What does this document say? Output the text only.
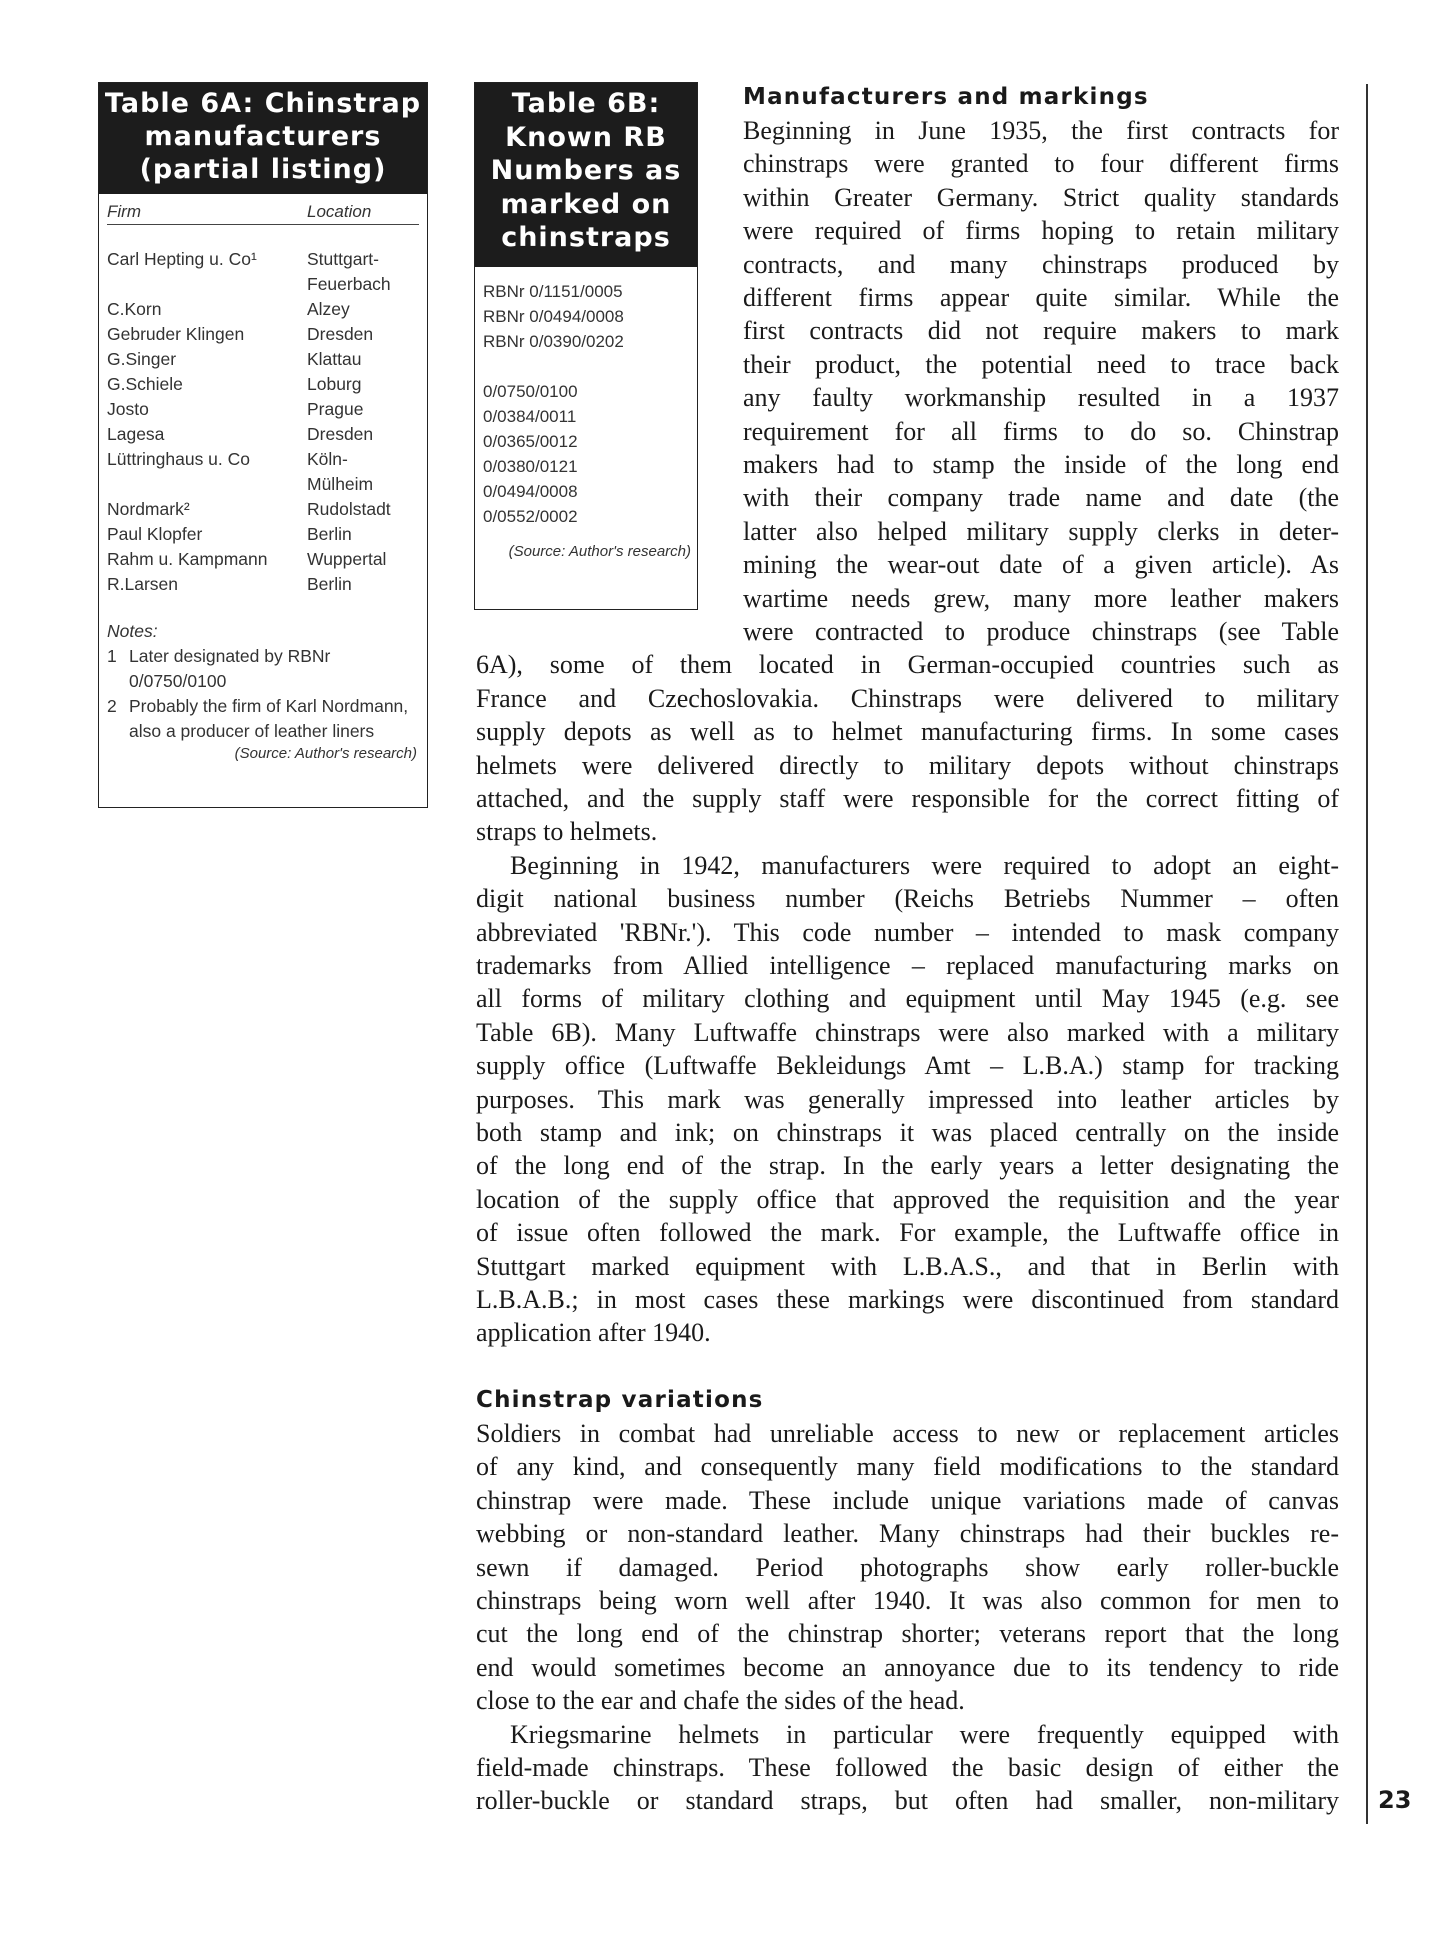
Table 6A: Chinstrap manufacturers (partial listing)
Firm	Location
Carl Hepting u. Co¹	Stuttgart-
Feuerbach
C.Korn	Alzey
Gebruder Klingen	Dresden
G.Singer	Klattau
G.Schiele	Loburg
Josto	Prague
Lagesa	Dresden
Lüttringhaus u. Co	Köln-
Mülheim
Nordmark²	Rudolstadt
Paul Klopfer	Berlin
Rahm u. Kampmann	Wuppertal
R.Larsen	Berlin
Notes:
1 Later designated by RBNr 0/0750/0100
2 Probably the firm of Karl Nordmann, also a producer of leather liners
(Source: Author's research)
Table 6B: Known RB Numbers as marked on chinstraps
RBNr 0/1151/0005
RBNr 0/0494/0008
RBNr 0/0390/0202
0/0750/0100
0/0384/0011
0/0365/0012
0/0380/0121
0/0494/0008
0/0552/0002
(Source: Author's research)
Manufacturers and markings
Chinstrap variations
Beginning in June 1935, the first contracts for
chinstraps were granted to four different firms
within Greater Germany. Strict quality standards
were required of firms hoping to retain military
contracts, and many chinstraps produced by
different firms appear quite similar. While the
first contracts did not require makers to mark
their product, the potential need to trace back
any faulty workmanship resulted in a 1937
requirement for all firms to do so. Chinstrap
makers had to stamp the inside of the long end
with their company trade name and date (the
latter also helped military supply clerks in deter-
mining the wear-out date of a given article). As
wartime needs grew, many more leather makers
were contracted to produce chinstraps (see Table
6A), some of them located in German-occupied countries such as
France and Czechoslovakia. Chinstraps were delivered to military
supply depots as well as to helmet manufacturing firms. In some cases
helmets were delivered directly to military depots without chinstraps
attached, and the supply staff were responsible for the correct fitting of
straps to helmets.
Beginning in 1942, manufacturers were required to adopt an eight-
digit national business number (Reichs Betriebs Nummer – often
abbreviated 'RBNr.'). This code number – intended to mask company
trademarks from Allied intelligence – replaced manufacturing marks on
all forms of military clothing and equipment until May 1945 (e.g. see
Table 6B). Many Luftwaffe chinstraps were also marked with a military
supply office (Luftwaffe Bekleidungs Amt – L.B.A.) stamp for tracking
purposes. This mark was generally impressed into leather articles by
both stamp and ink; on chinstraps it was placed centrally on the inside
of the long end of the strap. In the early years a letter designating the
location of the supply office that approved the requisition and the year
of issue often followed the mark. For example, the Luftwaffe office in
Stuttgart marked equipment with L.B.A.S., and that in Berlin with
L.B.A.B.; in most cases these markings were discontinued from standard
application after 1940.
Soldiers in combat had unreliable access to new or replacement articles
of any kind, and consequently many field modifications to the standard
chinstrap were made. These include unique variations made of canvas
webbing or non-standard leather. Many chinstraps had their buckles re-
sewn if damaged. Period photographs show early roller-buckle
chinstraps being worn well after 1940. It was also common for men to
cut the long end of the chinstrap shorter; veterans report that the long
end would sometimes become an annoyance due to its tendency to ride
close to the ear and chafe the sides of the head.
Kriegsmarine helmets in particular were frequently equipped with
field-made chinstraps. These followed the basic design of either the
roller-buckle or standard straps, but often had smaller, non-military 23
